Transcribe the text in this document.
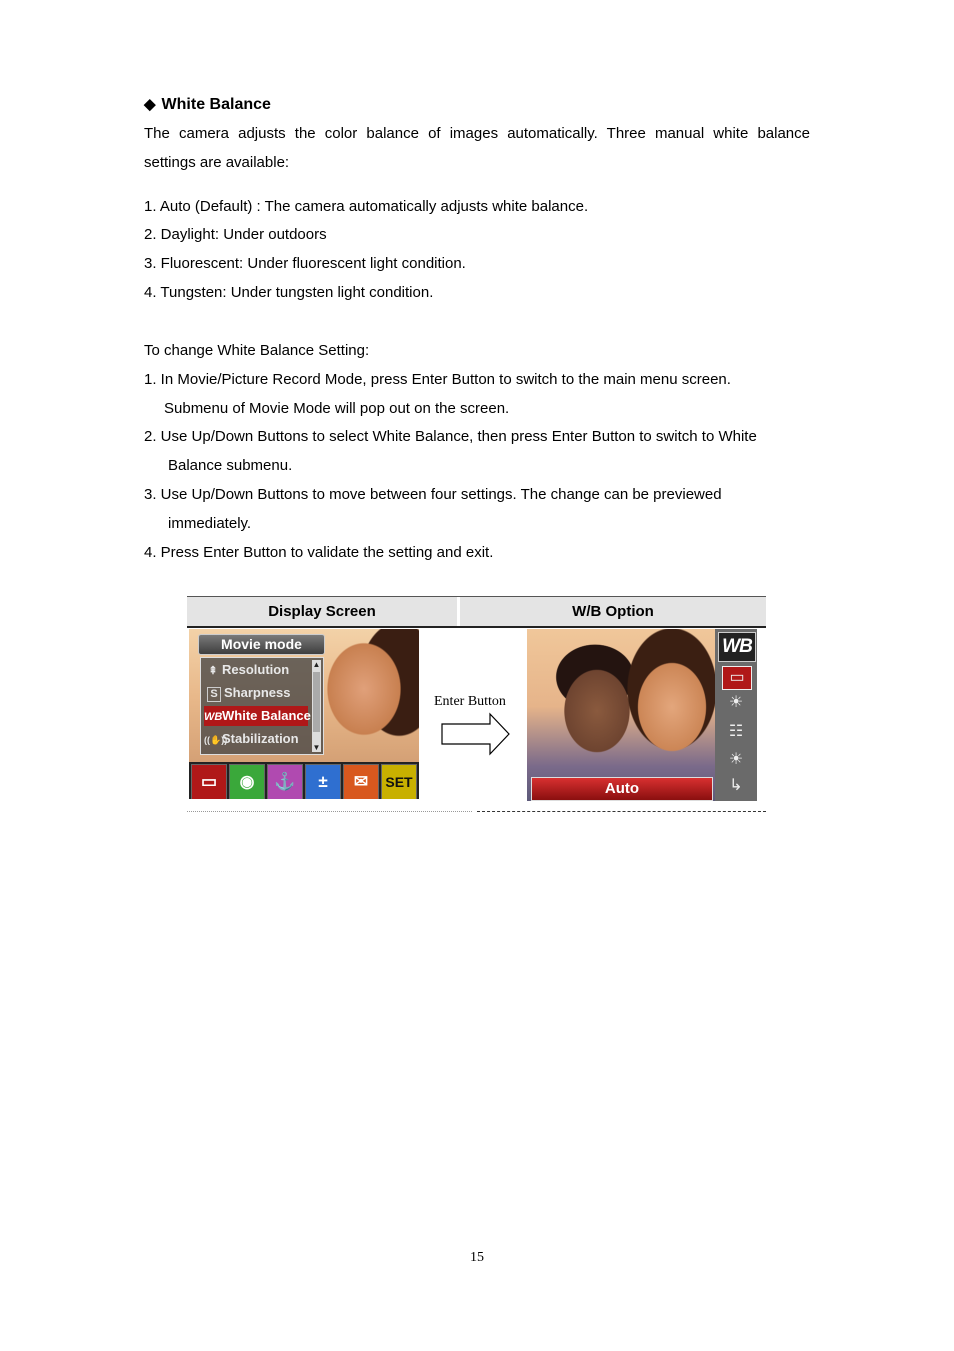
◆ White Balance
The camera adjusts the color balance of images automatically. Three manual white balance
settings are available:
1. Auto (Default) : The camera automatically adjusts white balance.
2. Daylight: Under outdoors
3. Fluorescent: Under fluorescent light condition.
4. Tungsten: Under tungsten light condition.
To change White Balance Setting:
1. In Movie/Picture Record Mode, press Enter Button to switch to the main menu screen.
Submenu of Movie Mode will pop out on the screen.
2. Use Up/Down Buttons to select White Balance, then press Enter Button to switch to White
Balance submenu.
3. Use Up/Down Buttons to move between four settings. The change can be previewed
immediately.
4. Press Enter Button to validate the setting and exit.
Display Screen	W/B Option
Movie mode
⇞ Resolution
S Sharpness
WBWhite Balance
((✋))Stabilization
▲
▼
▭	◉	⚓	±	✉	SET
Enter Button
WB
▭
☀
☷
☀
↳
Auto
15
